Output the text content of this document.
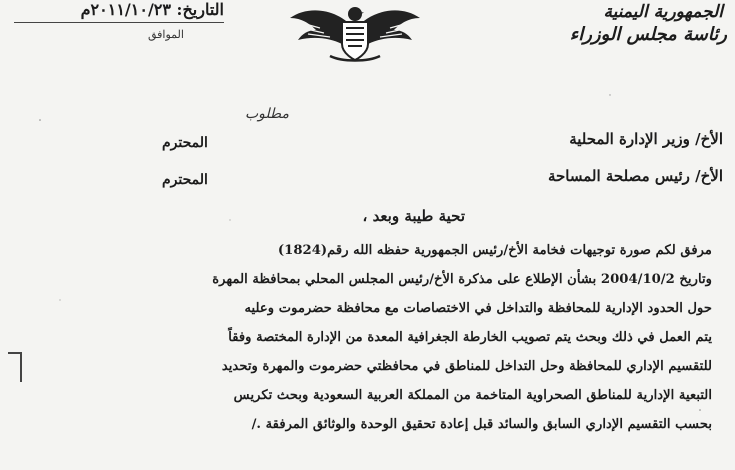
التاريخ: ٢٠١١/١٠/٢٣م
الموافق
الجمهورية اليمنية
رئاسة مجلس الوزراء
مطلوب
الأخ/ وزير الإدارة المحلية
المحترم
الأخ/ رئيس مصلحة المساحة
المحترم
تحية طيبة وبعد ،
مرفق لكم صورة توجيهات فخامة الأخ/رئيس الجمهورية حفظه الله رقم(1824)
وتاريخ 2004/10/2 بشأن الإطلاع على مذكرة الأخ/رئيس المجلس المحلي بمحافظة المهرة
حول الحدود الإدارية للمحافظة والتداخل في الاختصاصات مع محافظة حضرموت وعليه
يتم العمل في ذلك وبحث يتم تصويب الخارطة الجغرافية المعدة من الإدارة المختصة وفقاً
للتقسيم الإداري للمحافظة وحل التداخل للمناطق في محافظتي حضرموت والمهرة وتحديد
التبعية الإدارية للمناطق الصحراوية المتاخمة من المملكة العربية السعودية وبحث تكريس
بحسب التقسيم الإداري السابق والسائد قبل إعادة تحقيق الوحدة والوثائق المرفقة ./
